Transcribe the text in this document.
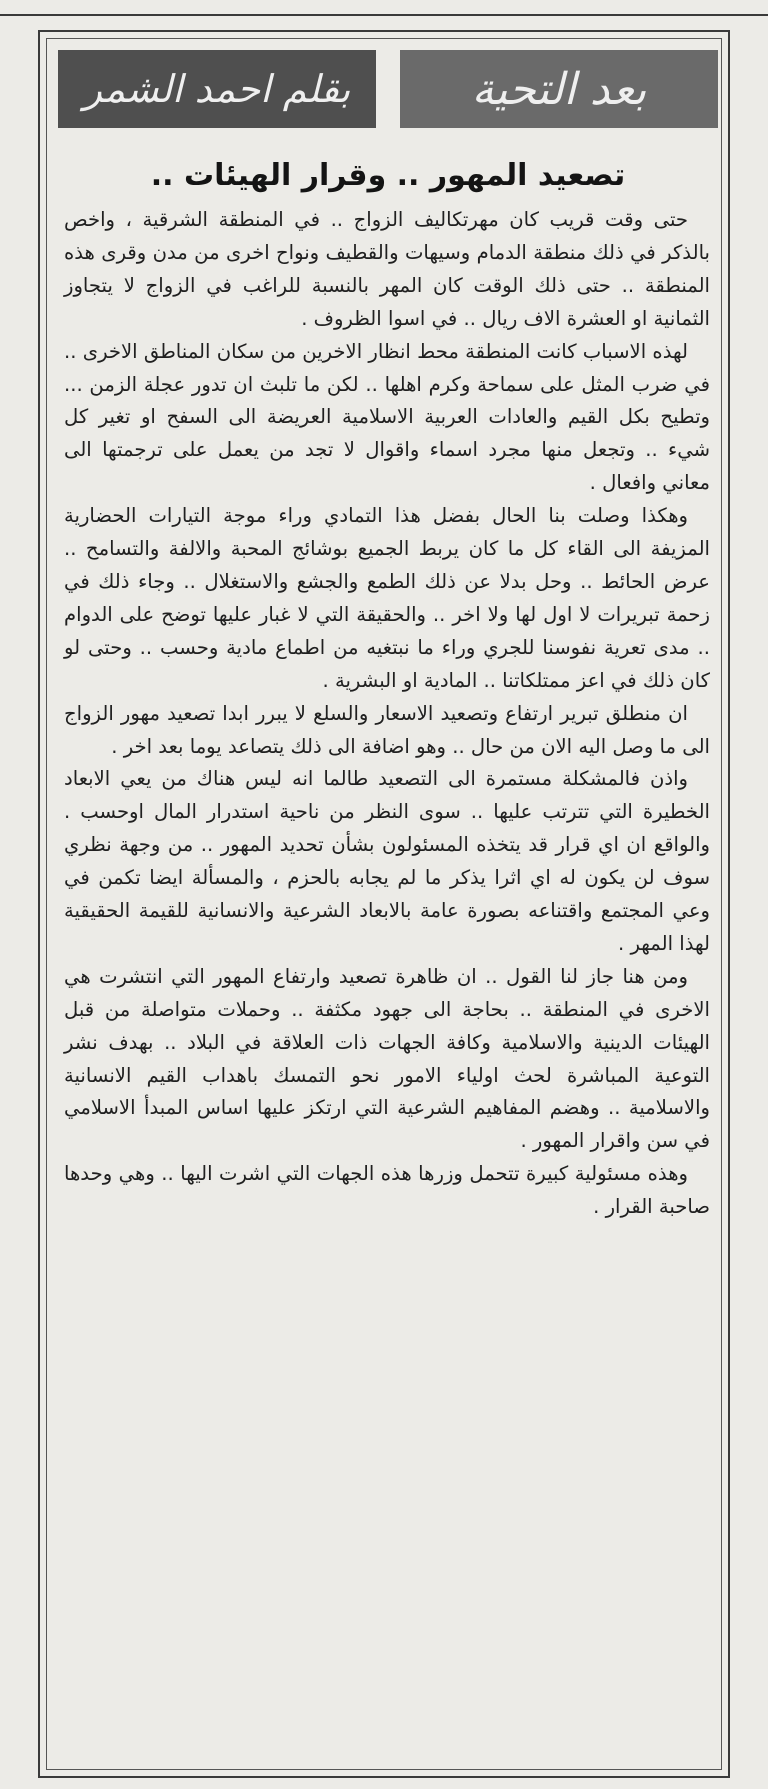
بقلم احمد الشمر	بعد التحية
تصعيد المهور .. وقرار الهيئات ..

حتى وقت قريب كان مهرتكاليف الزواج .. في المنطقة الشرقية ، واخص بالذكر في ذلك منطقة الدمام وسيهات والقطيف ونواح اخرى من مدن وقرى هذه المنطقة .. حتى ذلك الوقت كان المهر بالنسبة للراغب في الزواج لا يتجاوز الثمانية او العشرة الاف ريال .. في اسوا الظروف .

لهذه الاسباب كانت المنطقة محط انظار الاخرين من سكان المناطق الاخرى .. في ضرب المثل على سماحة وكرم اهلها .. لكن ما تلبث ان تدور عجلة الزمن ... وتطيح بكل القيم والعادات العربية الاسلامية العريضة الى السفح او تغير كل شيء .. وتجعل منها مجرد اسماء واقوال لا تجد من يعمل على ترجمتها الى معاني وافعال .

وهكذا وصلت بنا الحال بفضل هذا التمادي وراء موجة التيارات الحضارية المزيفة الى القاء كل ما كان يربط الجميع بوشائج المحبة والالفة والتسامح .. عرض الحائط .. وحل بدلا عن ذلك الطمع والجشع والاستغلال .. وجاء ذلك في زحمة تبريرات لا اول لها ولا اخر .. والحقيقة التي لا غبار عليها توضح على الدوام .. مدى تعرية نفوسنا للجري وراء ما نبتغيه من اطماع مادية وحسب .. وحتى لو كان ذلك في اعز ممتلكاتنا .. المادية او البشرية .

ان منطلق تبرير ارتفاع وتصعيد الاسعار والسلع لا يبرر ابدا تصعيد مهور الزواج الى ما وصل اليه الان من حال .. وهو اضافة الى ذلك يتصاعد يوما بعد اخر .

واذن فالمشكلة مستمرة الى التصعيد طالما انه ليس هناك من يعي الابعاد الخطيرة التي تترتب عليها .. سوى النظر من ناحية استدرار المال اوحسب . والواقع ان اي قرار قد يتخذه المسئولون بشأن تحديد المهور .. من وجهة نظري سوف لن يكون له اي اثرا يذكر ما لم يجابه بالحزم ، والمسألة ايضا تكمن في وعي المجتمع واقتناعه بصورة عامة بالابعاد الشرعية والانسانية للقيمة الحقيقية لهذا المهر .

ومن هنا جاز لنا القول .. ان ظاهرة تصعيد وارتفاع المهور التي انتشرت هي الاخرى في المنطقة .. بحاجة الى جهود مكثفة .. وحملات متواصلة من قبل الهيئات الدينية والاسلامية وكافة الجهات ذات العلاقة في البلاد .. بهدف نشر التوعية المباشرة لحث اولياء الامور نحو التمسك باهداب القيم الانسانية والاسلامية .. وهضم المفاهيم الشرعية التي ارتكز عليها اساس المبدأ الاسلامي في سن واقرار المهور .

وهذه مسئولية كبيرة تتحمل وزرها هذه الجهات التي اشرت اليها .. وهي وحدها صاحبة القرار .
